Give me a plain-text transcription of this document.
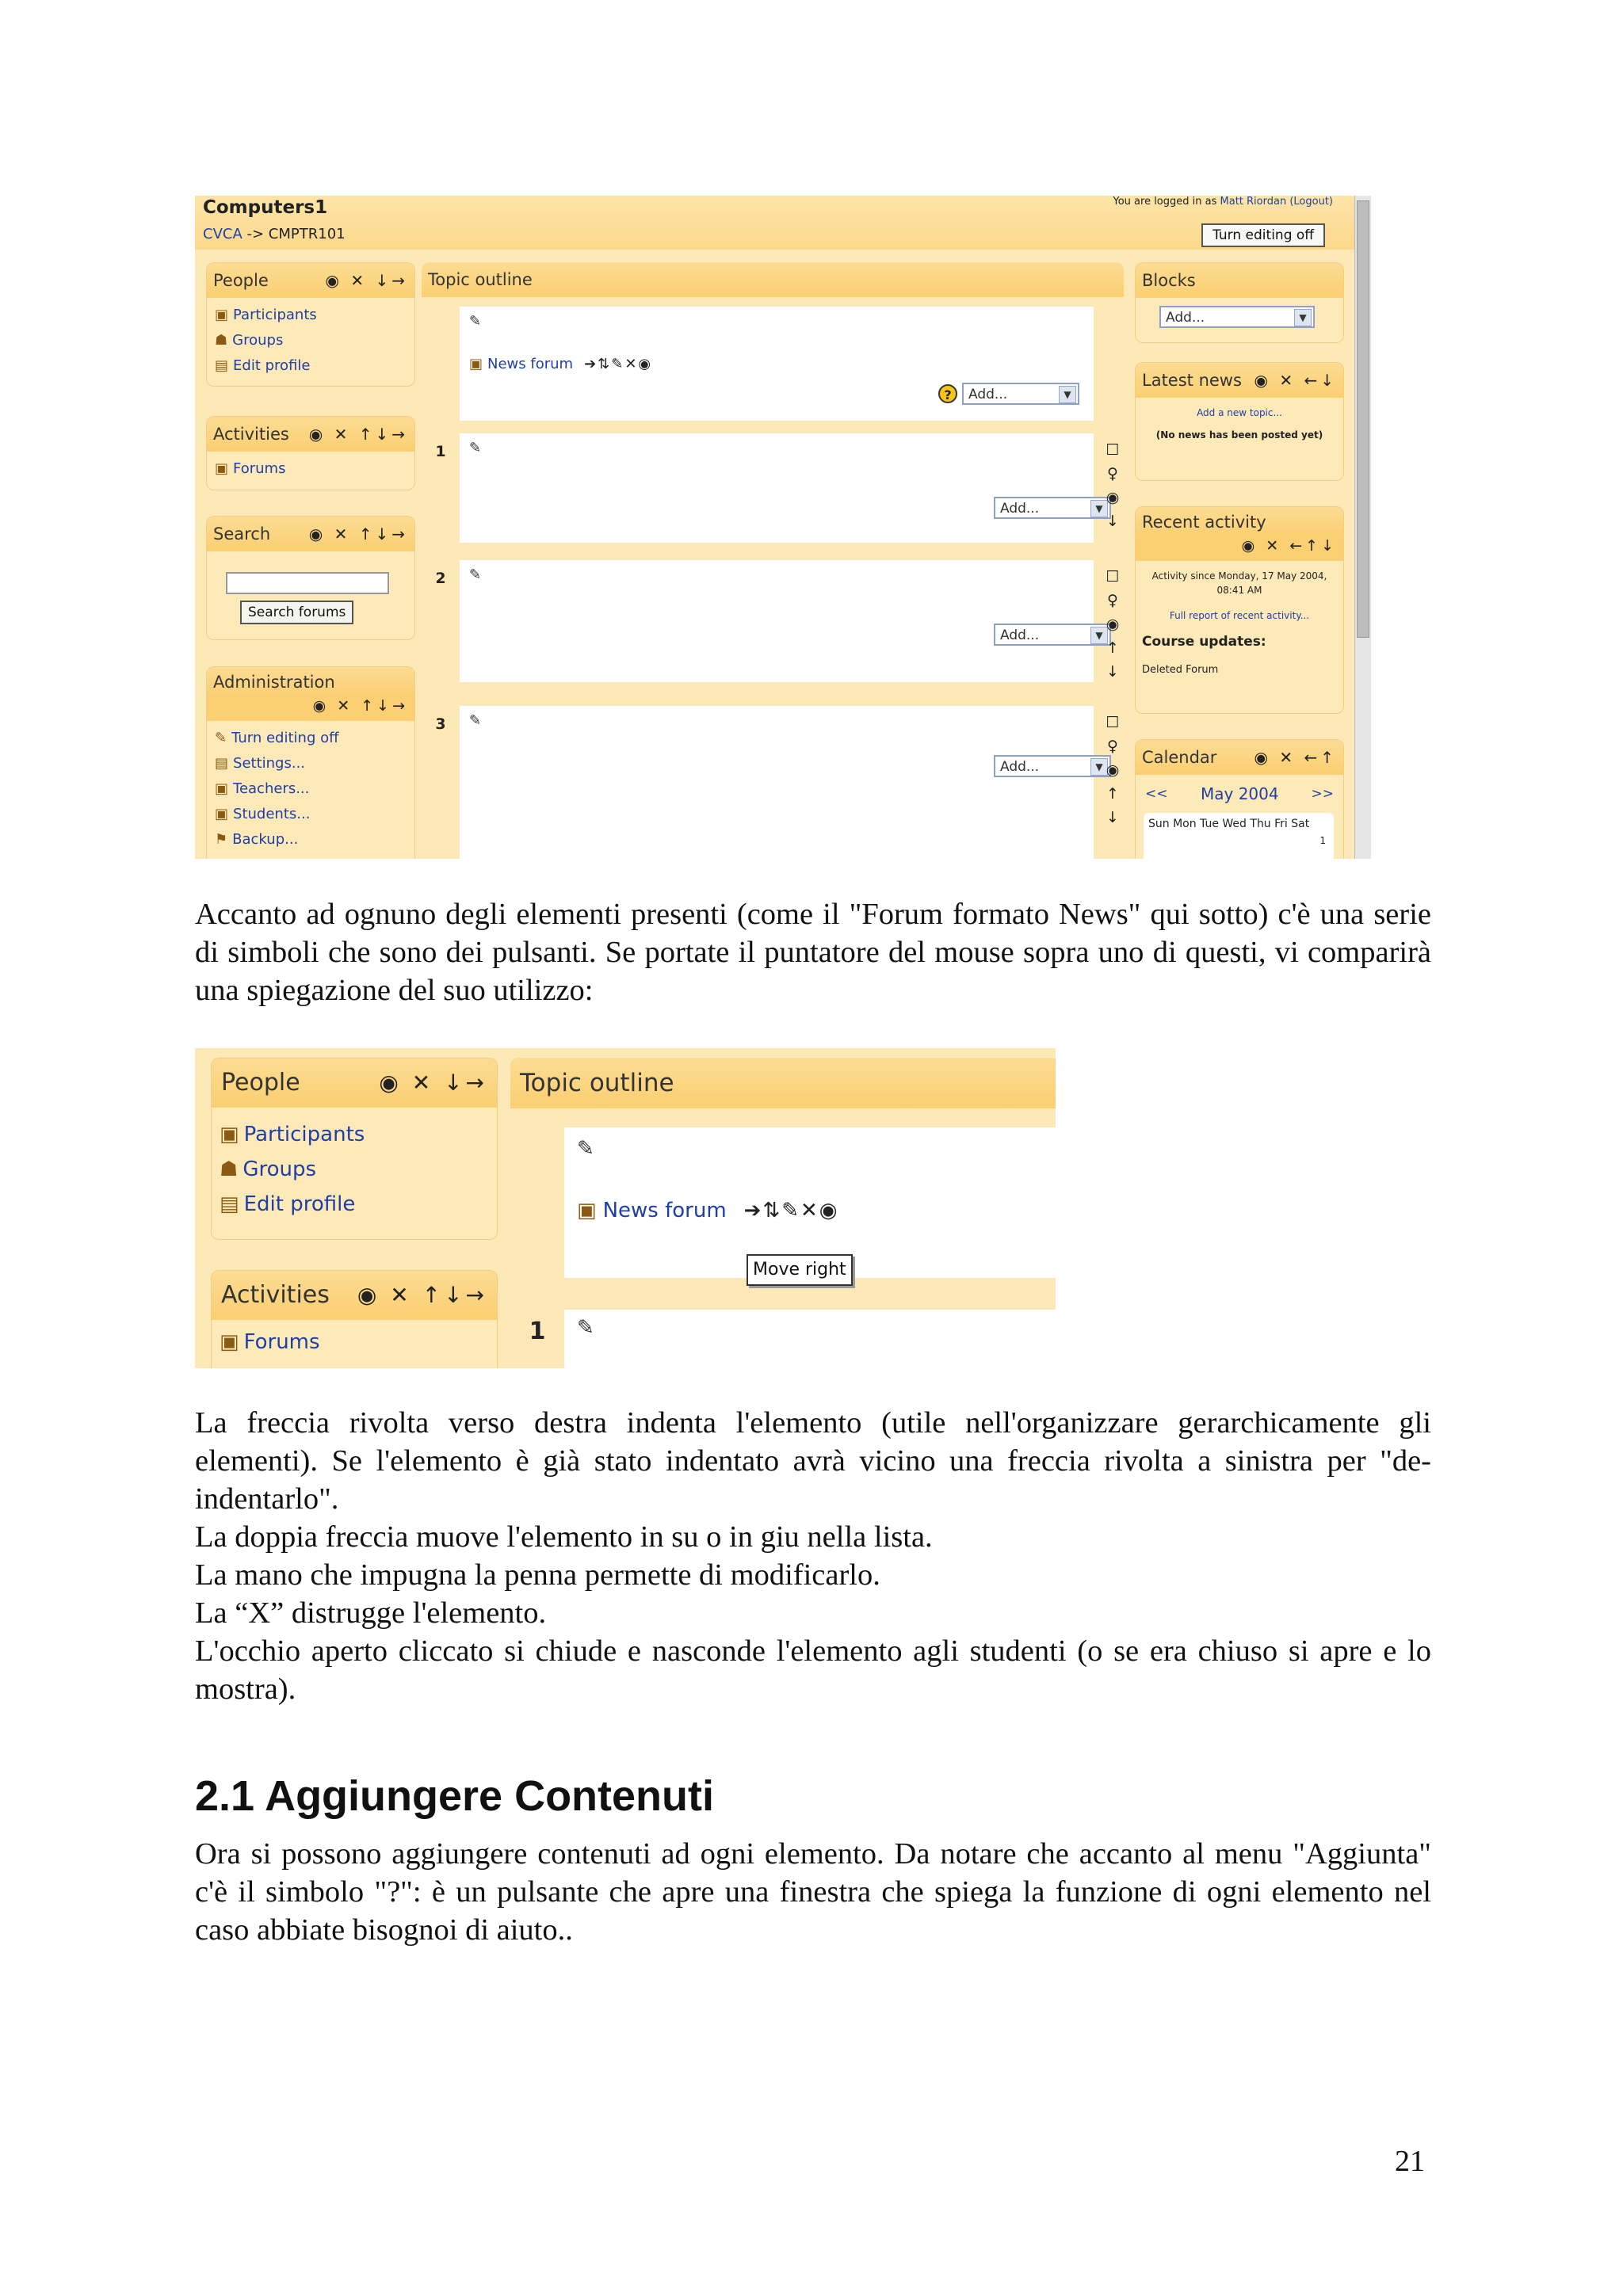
Computers1
CVCA -> CMPTR101
You are logged in as Matt Riordan (Logout)
Turn editing off
People	◉ ✕ ↓→
▣ Participants
☗ Groups
▤ Edit profile
Activities ◉ ✕ ↑↓→
▣ Forums
Search ◉ ✕ ↑↓→
Search forums
Administration
◉ ✕ ↑↓→
✎ Turn editing off
▤ Settings...
▣ Teachers...
▣ Students...
⚑ Backup...
Topic outline
✎
▣ News forum ➔⇅✎✕◉
?	Add...	▼
1	✎
Add...	▼
☐
♀
◉
↓
2	✎
Add...	▼
☐
♀
◉
↑
↓
3	✎
Add...	▼
☐
♀
◉
↑
↓
Blocks
Add...	▼
Latest news ◉ ✕ ←↓
Add a new topic...
(No news has been posted yet)
Recent activity
◉ ✕ ←↑↓
Activity since Monday, 17 May 2004, 08:41 AM
Full report of recent activity...
Course updates:
Deleted Forum
Calendar ◉ ✕ ←↑
<< May 2004 >>
Sun Mon Tue Wed Thu Fri Sat
1
Accanto ad ognuno degli elementi presenti (come il "Forum formato News" qui sotto) c'è una serie di simboli che sono dei pulsanti. Se portate il puntatore del mouse sopra uno di questi, vi comparirà una spiegazione del suo utilizzo:
People	◉ ✕ ↓→
▣ Participants
☗ Groups
▤ Edit profile
Activities ◉ ✕ ↑↓→
▣ Forums
Topic outline
✎
▣ News forum ➔⇅✎✕◉
Move right
1	✎
La freccia rivolta verso destra indenta l'elemento (utile nell'organizzare gerarchicamente gli elementi). Se l'elemento è già stato indentato avrà vicino una freccia rivolta a sinistra per "de-indentarlo".
La doppia freccia muove l'elemento in su o in giu nella lista.
La mano che impugna la penna permette di modificarlo.
La “X” distrugge l'elemento.
L'occhio aperto cliccato si chiude e nasconde l'elemento agli studenti (o se era chiuso si apre e lo mostra).
2.1 Aggiungere Contenuti
Ora si possono aggiungere contenuti ad ogni elemento. Da notare che accanto al menu "Aggiunta" c'è il simbolo "?": è un pulsante che apre una finestra che spiega la funzione di ogni elemento nel caso abbiate bisognoi di aiuto..
21
